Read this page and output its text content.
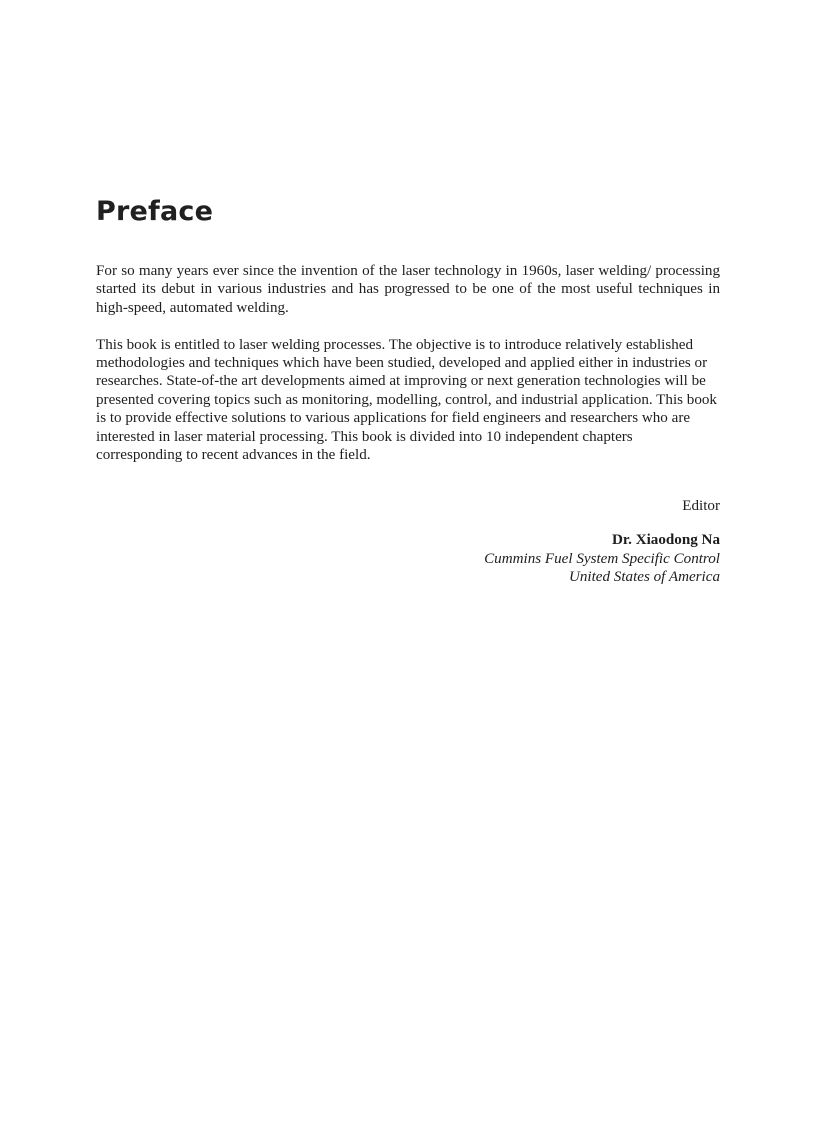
Preface

For so many years ever since the invention of the laser technology in 1960s, laser welding/ processing started its debut in various industries and has progressed to be one of the most useful techniques in high-speed, automated welding.

This book is entitled to laser welding processes. The objective is to introduce relatively established methodologies and techniques which have been studied, developed and applied either in industries or researches. State-of-the art developments aimed at improving or next generation technologies will be presented covering topics such as monitoring, modelling, control, and industrial application. This book is to provide effective solutions to various applications for field engineers and researchers who are interested in laser material processing. This book is divided into 10 independent chapters corresponding to recent advances in the field.

Editor
Dr. Xiaodong Na
Cummins Fuel System Specific Control
United States of America
